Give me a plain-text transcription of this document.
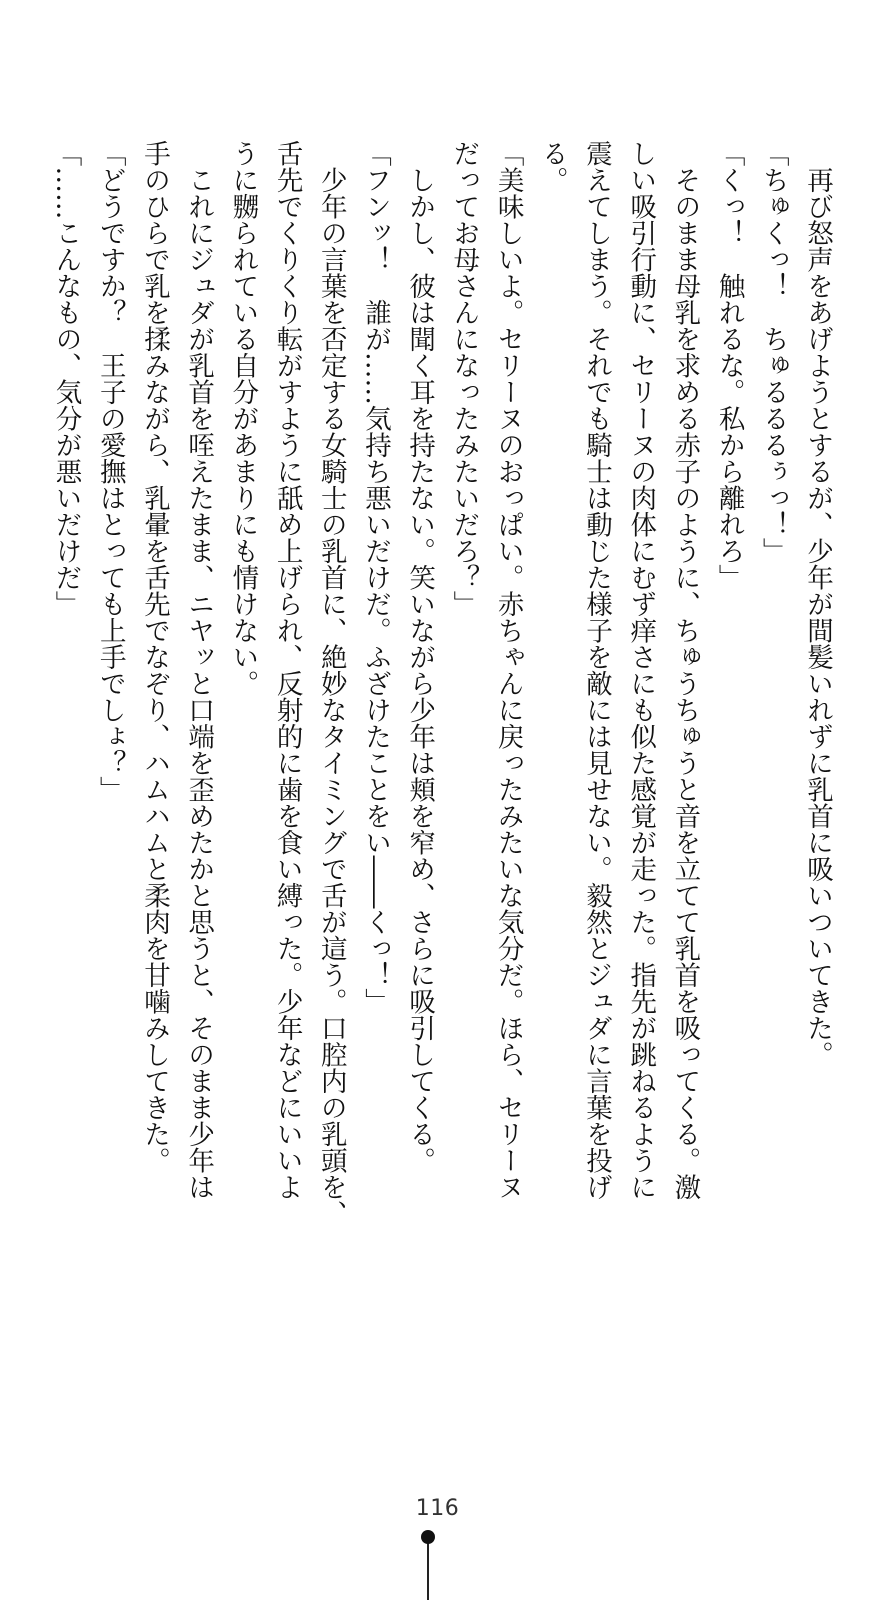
　再び怒声をあげようとするが、少年が間髪いれずに乳首に吸いついてきた。
「ちゅくっ！　ちゅるるるぅっ！」
「くっ！　触れるな。私から離れろ」
　そのまま母乳を求める赤子のように、ちゅうちゅうと音を立てて乳首を吸ってくる。激
しい吸引行動に、セリーヌの肉体にむず痒さにも似た感覚が走った。指先が跳ねるように
震えてしまう。それでも騎士は動じた様子を敵には見せない。毅然とジュダに言葉を投げ
る。
「美味しいよ。セリーヌのおっぱい。赤ちゃんに戻ったみたいな気分だ。ほら、セリーヌ
だってお母さんになったみたいだろ？」
　しかし、彼は聞く耳を持たない。笑いながら少年は頬を窄め、さらに吸引してくる。
「フンッ！　誰が……気持ち悪いだけだ。ふざけたことをい――くっ！」
　少年の言葉を否定する女騎士の乳首に、絶妙なタイミングで舌が這う。口腔内の乳頭を、
舌先でくりくり転がすように舐め上げられ、反射的に歯を食い縛った。少年などにいいよ
うに嬲られている自分があまりにも情けない。
　これにジュダが乳首を咥えたまま、ニヤッと口端を歪めたかと思うと、そのまま少年は
手のひらで乳を揉みながら、乳暈を舌先でなぞり、ハムハムと柔肉を甘噛みしてきた。
「どうですか？　王子の愛撫はとっても上手でしょ？」
「……こんなもの、気分が悪いだけだ」
116
